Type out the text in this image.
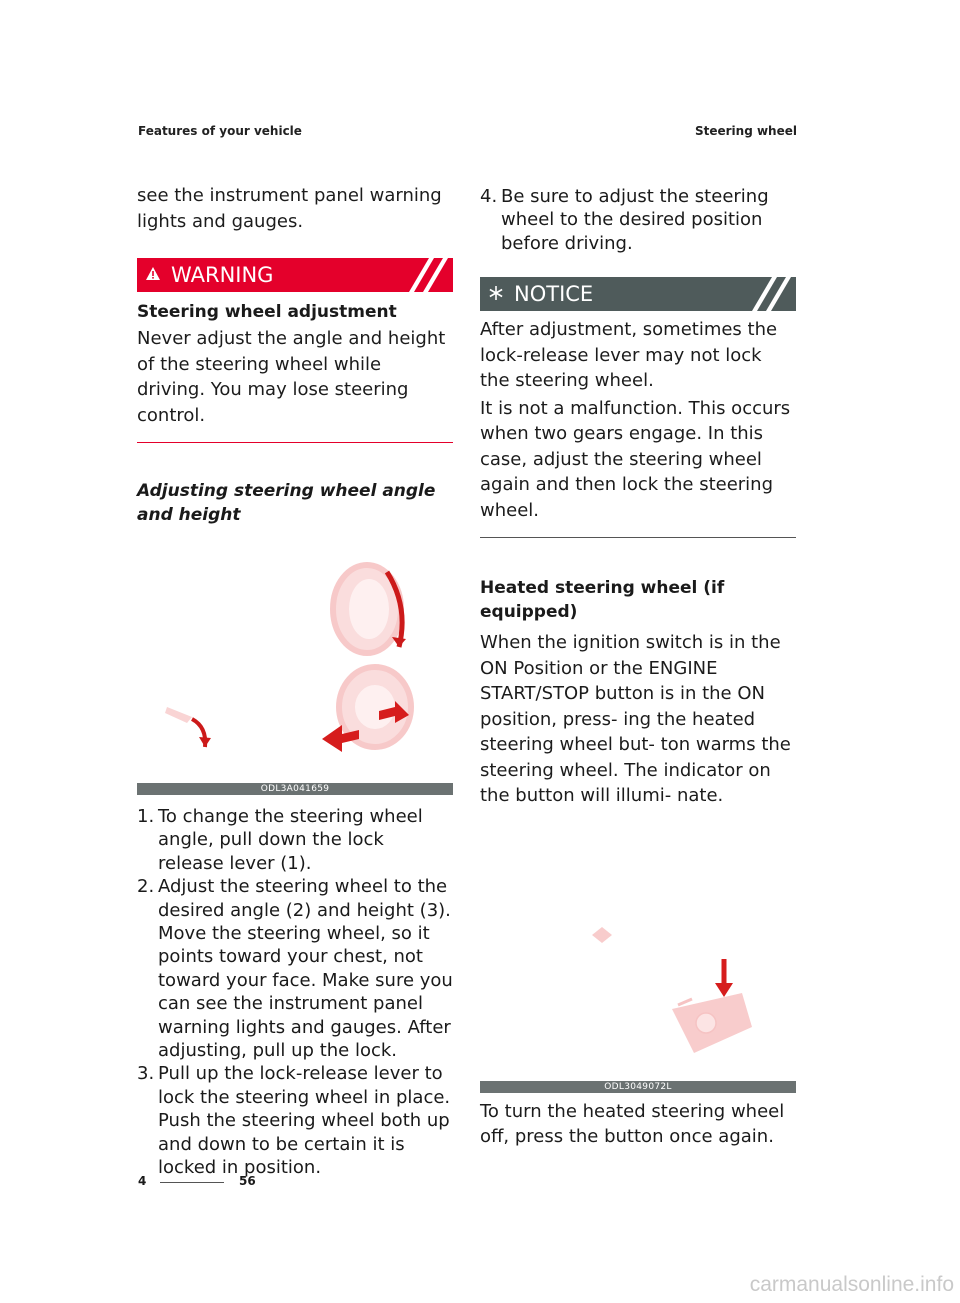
Features of your vehicle	Steering wheel

see the instrument panel warning lights and gauges.

WARNING
Steering wheel adjustment

Never adjust the angle and height of the steering wheel while driving. You may lose steering control.

Adjusting steering wheel angle and height
ODL3A041659
1. To change the steering wheel angle, pull down the lock release lever (1).
2. Adjust the steering wheel to the desired angle (2) and height (3). Move the steering wheel, so it points toward your chest, not toward your face. Make sure you can see the instrument panel warning lights and gauges. After adjusting, pull up the lock.
3. Pull up the lock-release lever to lock the steering wheel in place. Push the steering wheel both up and down to be certain it is locked in position.
4. Be sure to adjust the steering wheel to the desired position before driving.
NOTICE

After adjustment, sometimes the lock-release lever may not lock the steering wheel.

It is not a malfunction. This occurs when two gears engage. In this case, adjust the steering wheel again and then lock the steering wheel.

Heated steering wheel (if equipped)

When the ignition switch is in the ON Position or the ENGINE START/STOP button is in the ON position, press- ing the heated steering wheel but- ton warms the steering wheel. The indicator on the button will illumi- nate.

ODL3049072L

To turn the heated steering wheel off, press the button once again.

4	56
carmanualsonline.info
